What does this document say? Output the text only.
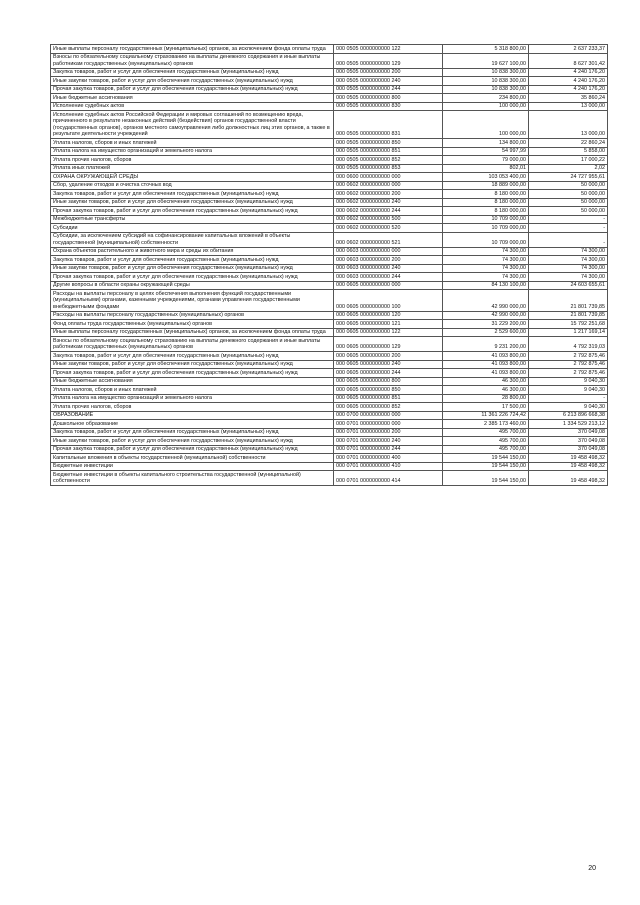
Иные выплаты персоналу государственных (муниципальных) органов, за исключением фонда оплаты труда	000 0505 0000000000 122	5 318 800,00	2 637 233,37
Взносы по обязательному социальному страхованию на выплаты денежного содержания и иные выплаты работникам государственных (муниципальных) органов	000 0505 0000000000 129	19 627 100,00	8 627 301,42
Закупка товаров, работ и услуг для обеспечения государственных (муниципальных) нужд	000 0505 0000000000 200	10 838 300,00	4 240 176,20
Иные закупки товаров, работ и услуг для обеспечения государственных (муниципальных) нужд	000 0505 0000000000 240	10 838 300,00	4 240 176,20
Прочая закупка товаров, работ и услуг для обеспечения государственных (муниципальных) нужд	000 0505 0000000000 244	10 838 300,00	4 240 176,20
Иные бюджетные ассигнования	000 0505 0000000000 800	234 800,00	35 860,24
Исполнение судебных актов	000 0505 0000000000 830	100 000,00	13 000,00
Исполнение судебных актов Российской Федерации и мировых соглашений по возмещению вреда, причиненного в результате незаконных действий (бездействия) органов государственной власти (государственных органов), органов местного самоуправления либо должностных лиц этих органов, а также в результате деятельности учреждений	000 0505 0000000000 831	100 000,00	13 000,00
Уплата налогов, сборов и иных платежей	000 0505 0000000000 850	134 800,00	22 860,24
Уплата налога на имущество организаций и земельного налога	000 0505 0000000000 851	54 997,99	5 858,00
Уплата прочих налогов, сборов	000 0505 0000000000 852	79 000,00	17 000,22
Уплата иных платежей	000 0505 0000000000 853	802,01	2,02
ОХРАНА ОКРУЖАЮЩЕЙ СРЕДЫ	000 0600 0000000000 000	103 053 400,00	24 727 955,61
Сбор, удаление отходов и очистка сточных вод	000 0602 0000000000 000	18 889 000,00	50 000,00
Закупка товаров, работ и услуг для обеспечения государственных (муниципальных) нужд	000 0602 0000000000 200	8 180 000,00	50 000,00
Иные закупки товаров, работ и услуг для обеспечения государственных (муниципальных) нужд	000 0602 0000000000 240	8 180 000,00	50 000,00
Прочая закупка товаров, работ и услуг для обеспечения государственных (муниципальных) нужд	000 0602 0000000000 244	8 180 000,00	50 000,00
Межбюджетные трансферты	000 0602 0000000000 500	10 709 000,00	-
Субсидии	000 0602 0000000000 520	10 709 000,00	-
Субсидии, за исключением субсидий на софинансирование капитальных вложений в объекты государственной (муниципальной) собственности	000 0602 0000000000 521	10 709 000,00	-
Охрана объектов растительного и животного мира и среды их обитания	000 0603 0000000000 000	74 300,00	74 300,00
Закупка товаров, работ и услуг для обеспечения государственных (муниципальных) нужд	000 0603 0000000000 200	74 300,00	74 300,00
Иные закупки товаров, работ и услуг для обеспечения государственных (муниципальных) нужд	000 0603 0000000000 240	74 300,00	74 300,00
Прочая закупка товаров, работ и услуг для обеспечения государственных (муниципальных) нужд	000 0603 0000000000 244	74 300,00	74 300,00
Другие вопросы в области охраны окружающей среды	000 0605 0000000000 000	84 130 100,00	24 603 655,61
Расходы на выплаты персоналу в целях обеспечения выполнения функций государственными (муниципальными) органами, казенными учреждениями, органами управления государственными внебюджетными фондами	000 0605 0000000000 100	42 990 000,00	21 801 739,85
Расходы на выплаты персоналу государственных (муниципальных) органов	000 0605 0000000000 120	42 990 000,00	21 801 739,85
Фонд оплаты труда государственных (муниципальных) органов	000 0605 0000000000 121	31 229 200,00	15 792 251,68
Иные выплаты персоналу государственных (муниципальных) органов, за исключением фонда оплаты труда	000 0605 0000000000 122	2 529 600,00	1 217 169,14
Взносы по обязательному социальному страхованию на выплаты денежного содержания и иные выплаты работникам государственных (муниципальных) органов	000 0605 0000000000 129	9 231 200,00	4 792 319,03
Закупка товаров, работ и услуг для обеспечения государственных (муниципальных) нужд	000 0605 0000000000 200	41 093 800,00	2 792 875,46
Иные закупки товаров, работ и услуг для обеспечения государственных (муниципальных) нужд	000 0605 0000000000 240	41 093 800,00	2 792 875,46
Прочая закупка товаров, работ и услуг для обеспечения государственных (муниципальных) нужд	000 0605 0000000000 244	41 093 800,00	2 792 875,46
Иные бюджетные ассигнования	000 0605 0000000000 800	46 300,00	9 040,30
Уплата налогов, сборов и иных платежей	000 0605 0000000000 850	46 300,00	9 040,30
Уплата налога на имущество организаций и земельного налога	000 0605 0000000000 851	28 800,00	-
Уплата прочих налогов, сборов	000 0605 0000000000 852	17 500,00	9 040,30
ОБРАЗОВАНИЕ	000 0700 0000000000 000	11 361 226 724,42	6 213 896 668,38
Дошкольное образование	000 0701 0000000000 000	2 385 173 460,00	1 334 529 213,12
Закупка товаров, работ и услуг для обеспечения государственных (муниципальных) нужд	000 0701 0000000000 200	495 700,00	370 049,08
Иные закупки товаров, работ и услуг для обеспечения государственных (муниципальных) нужд	000 0701 0000000000 240	495 700,00	370 049,08
Прочая закупка товаров, работ и услуг для обеспечения государственных (муниципальных) нужд	000 0701 0000000000 244	495 700,00	370 049,08
Капитальные вложения в объекты государственной (муниципальной) собственности	000 0701 0000000000 400	19 544 150,00	19 458 498,32
Бюджетные инвестиции	000 0701 0000000000 410	19 544 150,00	19 458 498,32
Бюджетные инвестиции в объекты капитального строительства государственной (муниципальной) собственности	000 0701 0000000000 414	19 544 150,00	19 458 498,32
20
